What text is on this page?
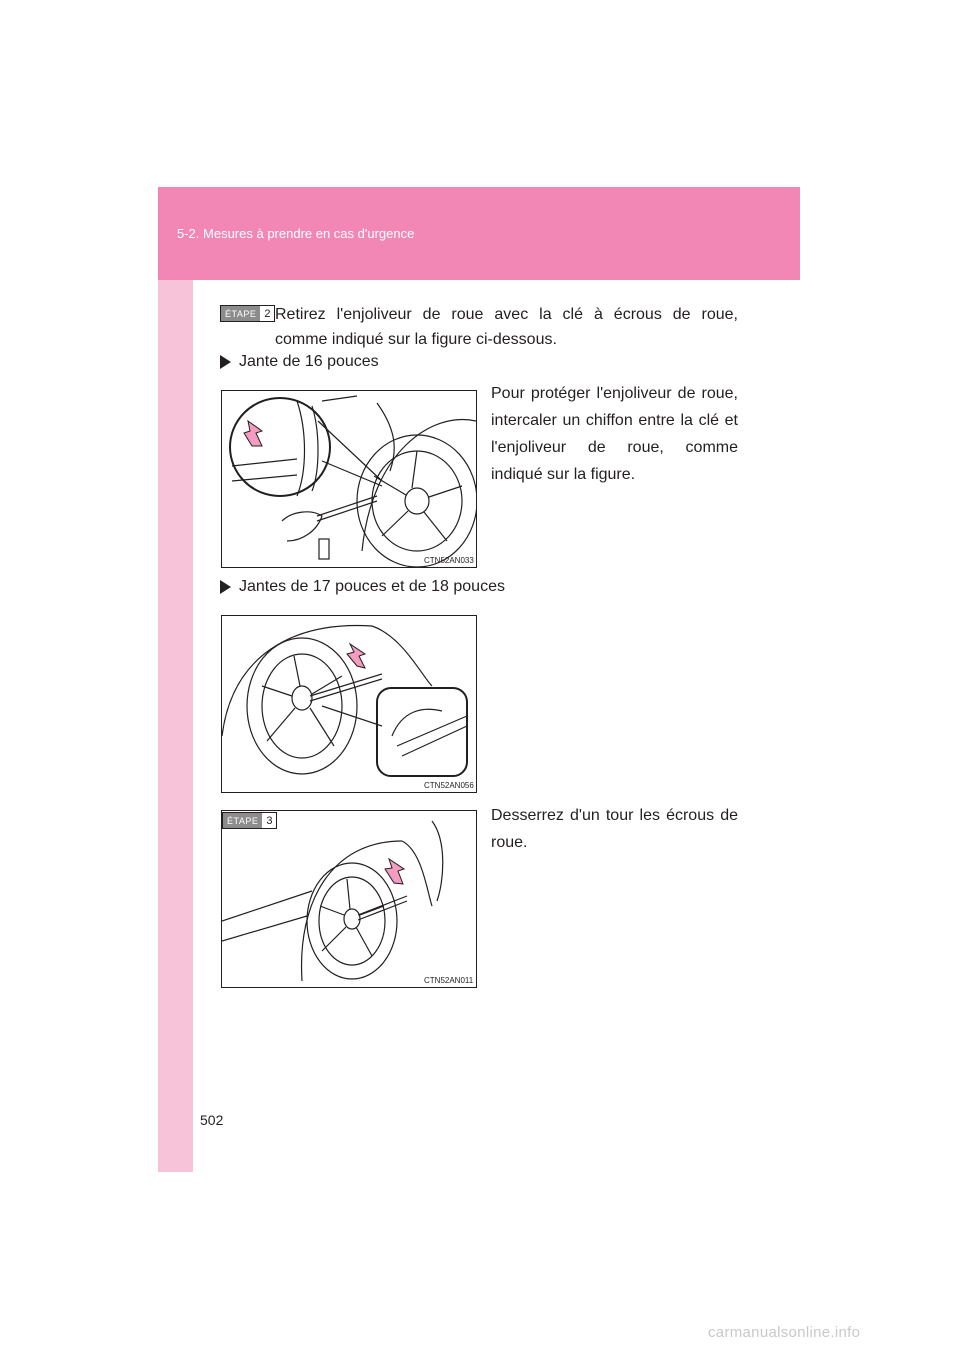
5-2. Mesures à prendre en cas d'urgence
ÉTAPE 2 Retirez l'enjoliveur de roue avec la clé à écrous de roue,
comme indiqué sur la figure ci-dessous.
Jante de 16 pouces
Pour protéger l'enjoliveur de roue, intercaler un chiffon entre la clé et l'enjoliveur de roue, comme indiqué sur la figure.
CTN52AN033
Jantes de 17 pouces et de 18 pouces
CTN52AN056
Desserrez d'un tour les écrous de roue.
ÉTAPE 3
CTN52AN011
502
carmanualsonline.info
